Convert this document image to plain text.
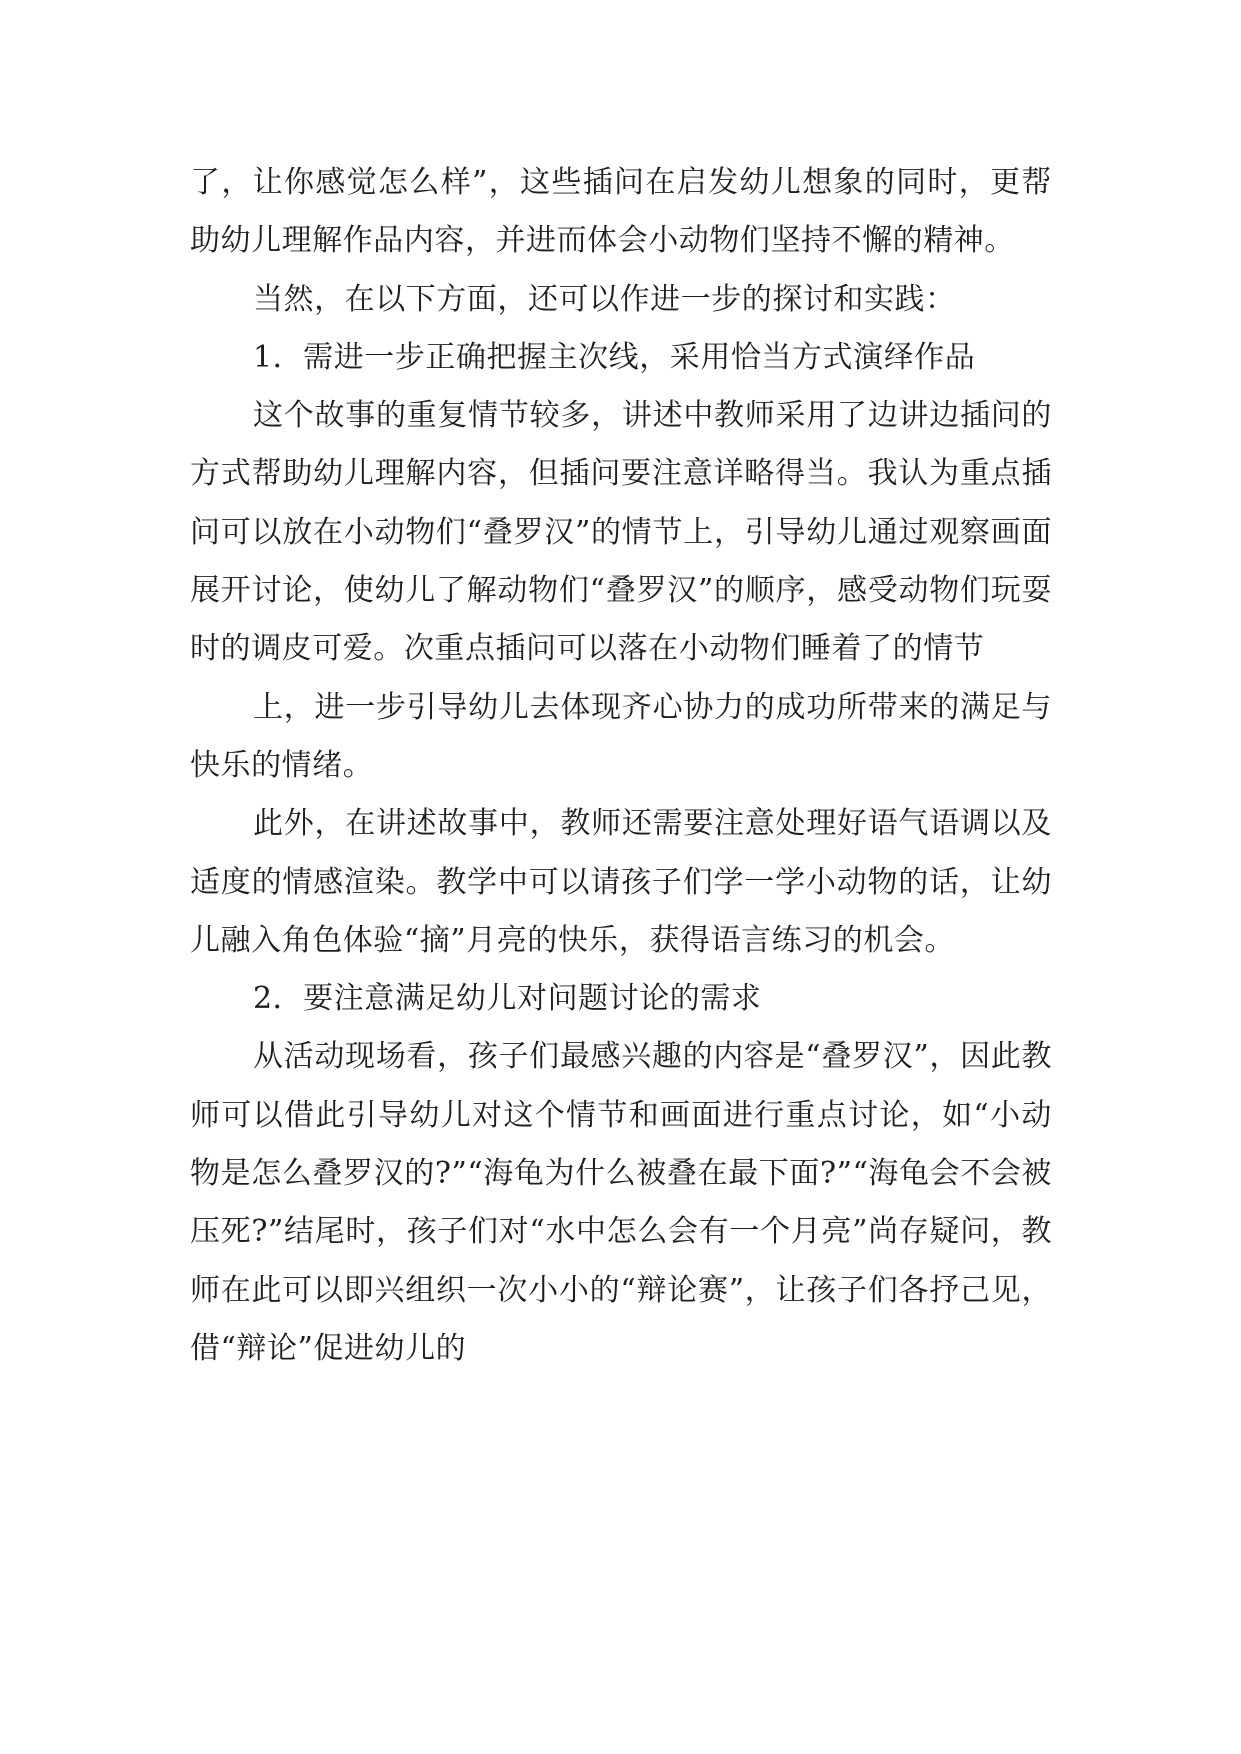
了，让你感觉怎么样”，这些插问在启发幼儿想象的同时，更帮助幼儿理解作品内容，并进而体会小动物们坚持不懈的精神。

当然，在以下方面，还可以作进一步的探讨和实践：

1．需进一步正确把握主次线，采用恰当方式演绎作品

这个故事的重复情节较多，讲述中教师采用了边讲边插问的方式帮助幼儿理解内容，但插问要注意详略得当。我认为重点插问可以放在小动物们“叠罗汉”的情节上，引导幼儿通过观察画面展开讨论，使幼儿了解动物们“叠罗汉”的顺序，感受动物们玩耍时的调皮可爱。次重点插问可以落在小动物们睡着了的情节

上，进一步引导幼儿去体现齐心协力的成功所带来的满足与快乐的情绪。

此外，在讲述故事中，教师还需要注意处理好语气语调以及适度的情感渲染。教学中可以请孩子们学一学小动物的话，让幼儿融入角色体验“摘”月亮的快乐，获得语言练习的机会。

2．要注意满足幼儿对问题讨论的需求

从活动现场看，孩子们最感兴趣的内容是“叠罗汉”，因此教师可以借此引导幼儿对这个情节和画面进行重点讨论，如“小动物是怎么叠罗汉的?”“海龟为什么被叠在最下面?”“海龟会不会被压死?”结尾时，孩子们对“水中怎么会有一个月亮”尚存疑问，教师在此可以即兴组织一次小小的“辩论赛”，让孩子们各抒己见，借“辩论”促进幼儿的
